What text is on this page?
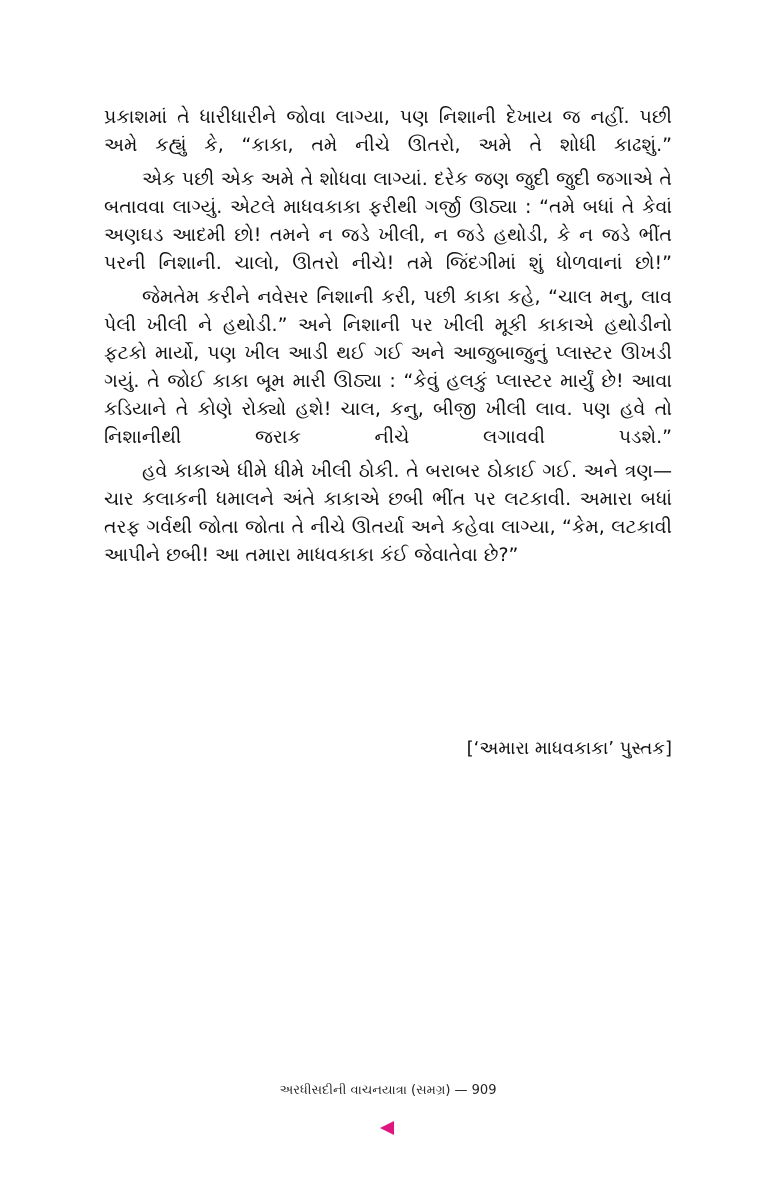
પ્રકાશમાં તે ધારીધારીને જોવા લાગ્યા, પણ નિશાની દેખાય જ નહીં. પછી અમે કહ્યું કે, “કાકા, તમે નીચે ઊતરો, અમે તે શોધી કાઢશું.”

એક પછી એક અમે તે શોધવા લાગ્યાં. દરેક જણ જુદી જુદી જગાએ તે બતાવવા લાગ્યું. એટલે માધવકાકા ફરીથી ગર્જી ઊઠ્યા : “તમે બધાં તે કેવાં અણઘડ આદમી છો! તમને ન જડે ખીલી, ન જડે હથોડી, કે ન જડે ભીંત પરની નિશાની. ચાલો, ઊતરો નીચે! તમે જિંદગીમાં શું ધોળવાનાં છો!”

જેમતેમ કરીને નવેસર નિશાની કરી, પછી કાકા કહે, “ચાલ મનુ, લાવ પેલી ખીલી ને હથોડી.” અને નિશાની પર ખીલી મૂકી કાકાએ હથોડીનો ફટકો માર્યો, પણ ખીલ આડી થઈ ગઈ અને આજુબાજુનું પ્લાસ્ટર ઊખડી ગયું. તે જોઈ કાકા બૂમ મારી ઊઠ્યા : “કેવું હલકું પ્લાસ્ટર માર્યું છે! આવા કડિયાને તે કોણે રોક્યો હશે! ચાલ, કનુ, બીજી ખીલી લાવ. પણ હવે તો નિશાનીથી જરાક નીચે લગાવવી પડશે.”

હવે કાકાએ ધીમે ધીમે ખીલી ઠોકી. તે બરાબર ઠોકાઈ ગઈ. અને ત્રણ—ચાર કલાકની ધમાલને અંતે કાકાએ છબી ભીંત પર લટકાવી. અમારા બધાં તરફ ગર્વથી જોતા જોતા તે નીચે ઊતર્યા અને કહેવા લાગ્યા, “કેમ, લટકાવી આપીને છબી! આ તમારા માધવકાકા કંઈ જેવાતેવા છે?”

[‘અમારા માધવકાકા’ પુસ્તક]
અરધીસદીની વાચનયાત્રા (સમગ્ર) — 909
